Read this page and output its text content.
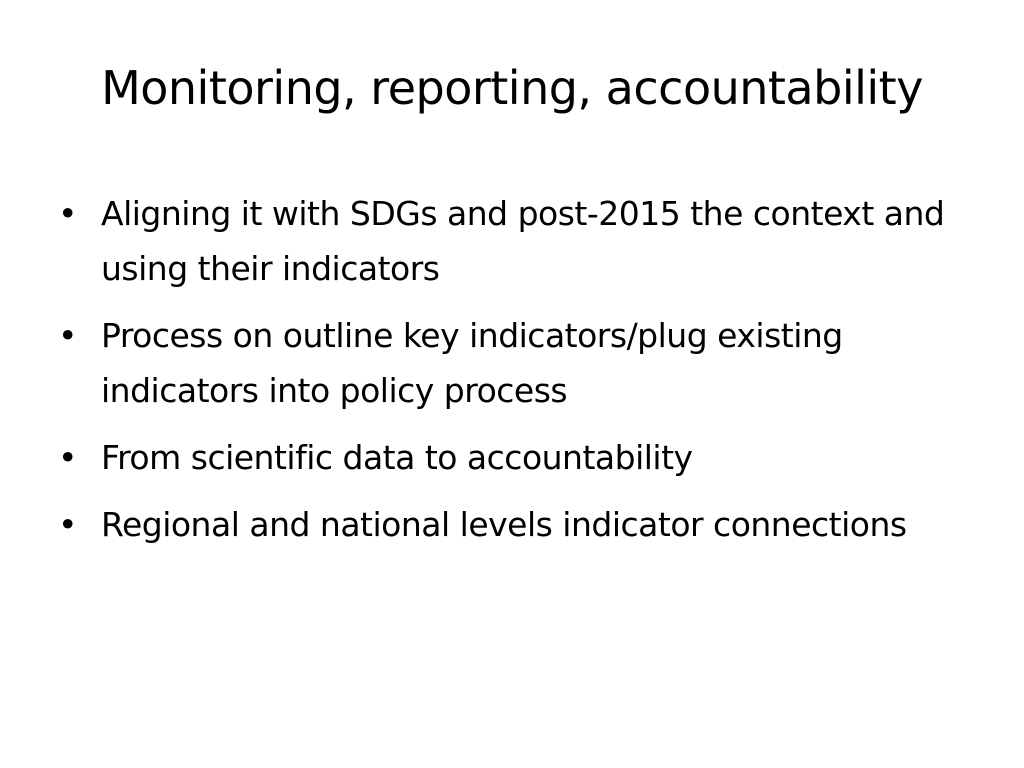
Monitoring, reporting, accountability
• Aligning it with SDGs and post-2015 the context and using their indicators
• Process on outline key indicators/plug existing indicators into policy process
• From scientific data to accountability
• Regional and national levels indicator connections
